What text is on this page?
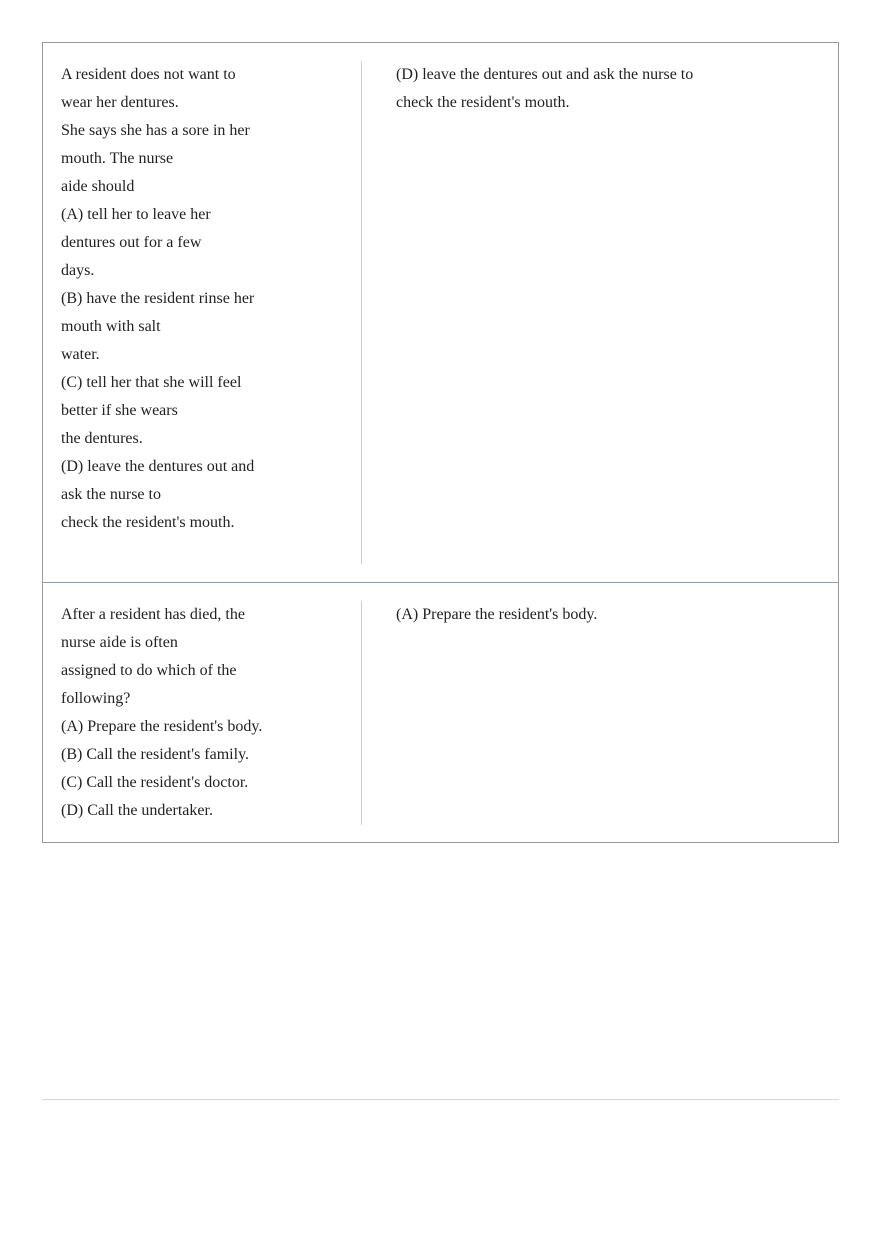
A resident does not want to
wear her dentures.
She says she has a sore in her
mouth. The nurse
aide should
(A) tell her to leave her
dentures out for a few
days.
(B) have the resident rinse her
mouth with salt
water.
(C) tell her that she will feel
better if she wears
the dentures.
(D) leave the dentures out and
ask the nurse to
check the resident's mouth.
(D) leave the dentures out and ask the nurse to
check the resident's mouth.
After a resident has died, the
nurse aide is often
assigned to do which of the
following?
(A) Prepare the resident's body.
(B) Call the resident's family.
(C) Call the resident's doctor.
(D) Call the undertaker.
(A) Prepare the resident's body.
